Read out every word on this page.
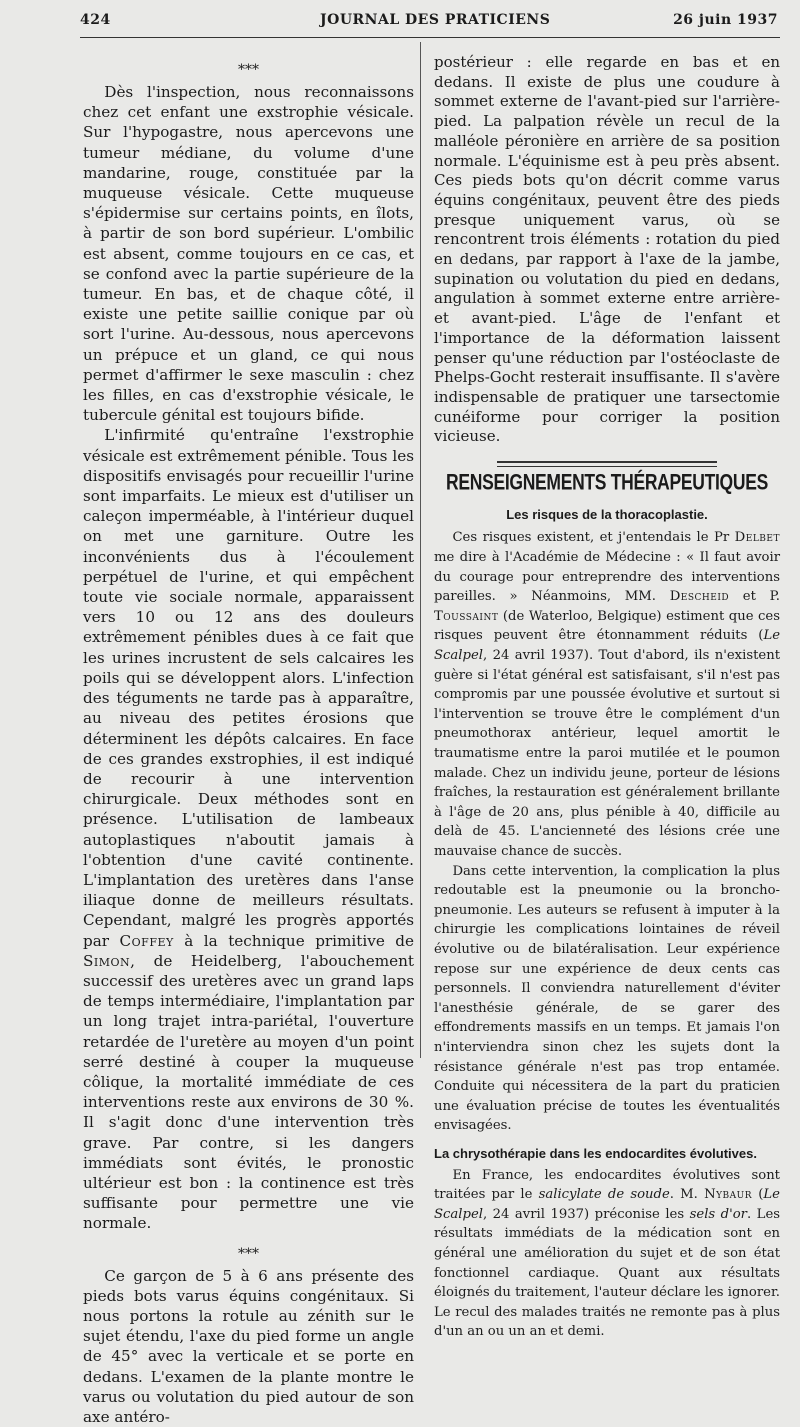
424	JOURNAL DES PRATICIENS	26 juin 1937
***

Dès l'inspection, nous reconnaissons chez cet enfant une exstrophie vésicale. Sur l'hypogastre, nous apercevons une tumeur médiane, du volume d'une mandarine, rouge, constituée par la muqueuse vésicale. Cette muqueuse s'épidermise sur certains points, en îlots, à partir de son bord supérieur. L'ombilic est absent, comme toujours en ce cas, et se confond avec la partie supérieure de la tumeur. En bas, et de chaque côté, il existe une petite saillie conique par où sort l'urine. Au-dessous, nous apercevons un prépuce et un gland, ce qui nous permet d'affirmer le sexe masculin : chez les filles, en cas d'exstrophie vésicale, le tubercule génital est toujours bifide.

L'infirmité qu'entraîne l'exstrophie vésicale est extrêmement pénible. Tous les dispositifs envisagés pour recueillir l'urine sont imparfaits. Le mieux est d'utiliser un caleçon imperméable, à l'intérieur duquel on met une garniture. Outre les inconvénients dus à l'écoulement perpétuel de l'urine, et qui empêchent toute vie sociale normale, apparaissent vers 10 ou 12 ans des douleurs extrêmement pénibles dues à ce fait que les urines incrustent de sels calcaires les poils qui se développent alors. L'infection des téguments ne tarde pas à apparaître, au niveau des petites érosions que déterminent les dépôts calcaires. En face de ces grandes exstrophies, il est indiqué de recourir à une intervention chirurgicale. Deux méthodes sont en présence. L'utilisation de lambeaux autoplastiques n'aboutit jamais à l'obtention d'une cavité continente. L'implantation des uretères dans l'anse iliaque donne de meilleurs résultats. Cependant, malgré les progrès apportés par Coffey à la technique primitive de Simon, de Heidelberg, l'abouchement successif des uretères avec un grand laps de temps intermédiaire, l'implantation par un long trajet intra-pariétal, l'ouverture retardée de l'uretère au moyen d'un point serré destiné à couper la muqueuse côlique, la mortalité immédiate de ces interventions reste aux environs de 30 %. Il s'agit donc d'une intervention très grave. Par contre, si les dangers immédiats sont évités, le pronostic ultérieur est bon : la continence est très suffisante pour permettre une vie normale.

***

Ce garçon de 5 à 6 ans présente des pieds bots varus équins congénitaux. Si nous portons la rotule au zénith sur le sujet étendu, l'axe du pied forme un angle de 45° avec la verticale et se porte en dedans. L'examen de la plante montre le varus ou volutation du pied autour de son axe antéro-

postérieur : elle regarde en bas et en dedans. Il existe de plus une coudure à sommet externe de l'avant-pied sur l'arrière-pied. La palpation révèle un recul de la malléole péronière en arrière de sa position normale. L'équinisme est à peu près absent. Ces pieds bots qu'on décrit comme varus équins congénitaux, peuvent être des pieds presque uniquement varus, où se rencontrent trois éléments : rotation du pied en dedans, par rapport à l'axe de la jambe, supination ou volutation du pied en dedans, angulation à sommet externe entre arrière- et avant-pied. L'âge de l'enfant et l'importance de la déformation laissent penser qu'une réduction par l'ostéoclaste de Phelps-Gocht resterait insuffisante. Il s'avère indispensable de pratiquer une tarsectomie cunéiforme pour corriger la position vicieuse.

RENSEIGNEMENTS THÉRAPEUTIQUES
Les risques de la thoracoplastie.

Ces risques existent, et j'entendais le Pr Delbet me dire à l'Académie de Médecine : « Il faut avoir du courage pour entreprendre des interventions pareilles. » Néanmoins, MM. Descheid et P. Toussaint (de Waterloo, Belgique) estiment que ces risques peuvent être étonnamment réduits (Le Scalpel, 24 avril 1937). Tout d'abord, ils n'existent guère si l'état général est satisfaisant, s'il n'est pas compromis par une poussée évolutive et surtout si l'intervention se trouve être le complément d'un pneumothorax antérieur, lequel amortit le traumatisme entre la paroi mutilée et le poumon malade. Chez un individu jeune, porteur de lésions fraîches, la restauration est généralement brillante à l'âge de 20 ans, plus pénible à 40, difficile au delà de 45. L'ancienneté des lésions crée une mauvaise chance de succès.

Dans cette intervention, la complication la plus redoutable est la pneumonie ou la broncho-pneumonie. Les auteurs se refusent à imputer à la chirurgie les complications lointaines de réveil évolutive ou de bilatéralisation. Leur expérience repose sur une expérience de deux cents cas personnels. Il conviendra naturellement d'éviter l'anesthésie générale, de se garer des effondrements massifs en un temps. Et jamais l'on n'interviendra sinon chez les sujets dont la résistance générale n'est pas trop entamée. Conduite qui nécessitera de la part du praticien une évaluation précise de toutes les éventualités envisagées.

La chrysothérapie dans les endocardites évolutives.

En France, les endocardites évolutives sont traitées par le salicylate de soude. M. Nybaur (Le Scalpel, 24 avril 1937) préconise les sels d'or. Les résultats immédiats de la médication sont en général une amélioration du sujet et de son état fonctionnel cardiaque. Quant aux résultats éloignés du traitement, l'auteur déclare les ignorer. Le recul des malades traités ne remonte pas à plus d'un an ou un an et demi.
